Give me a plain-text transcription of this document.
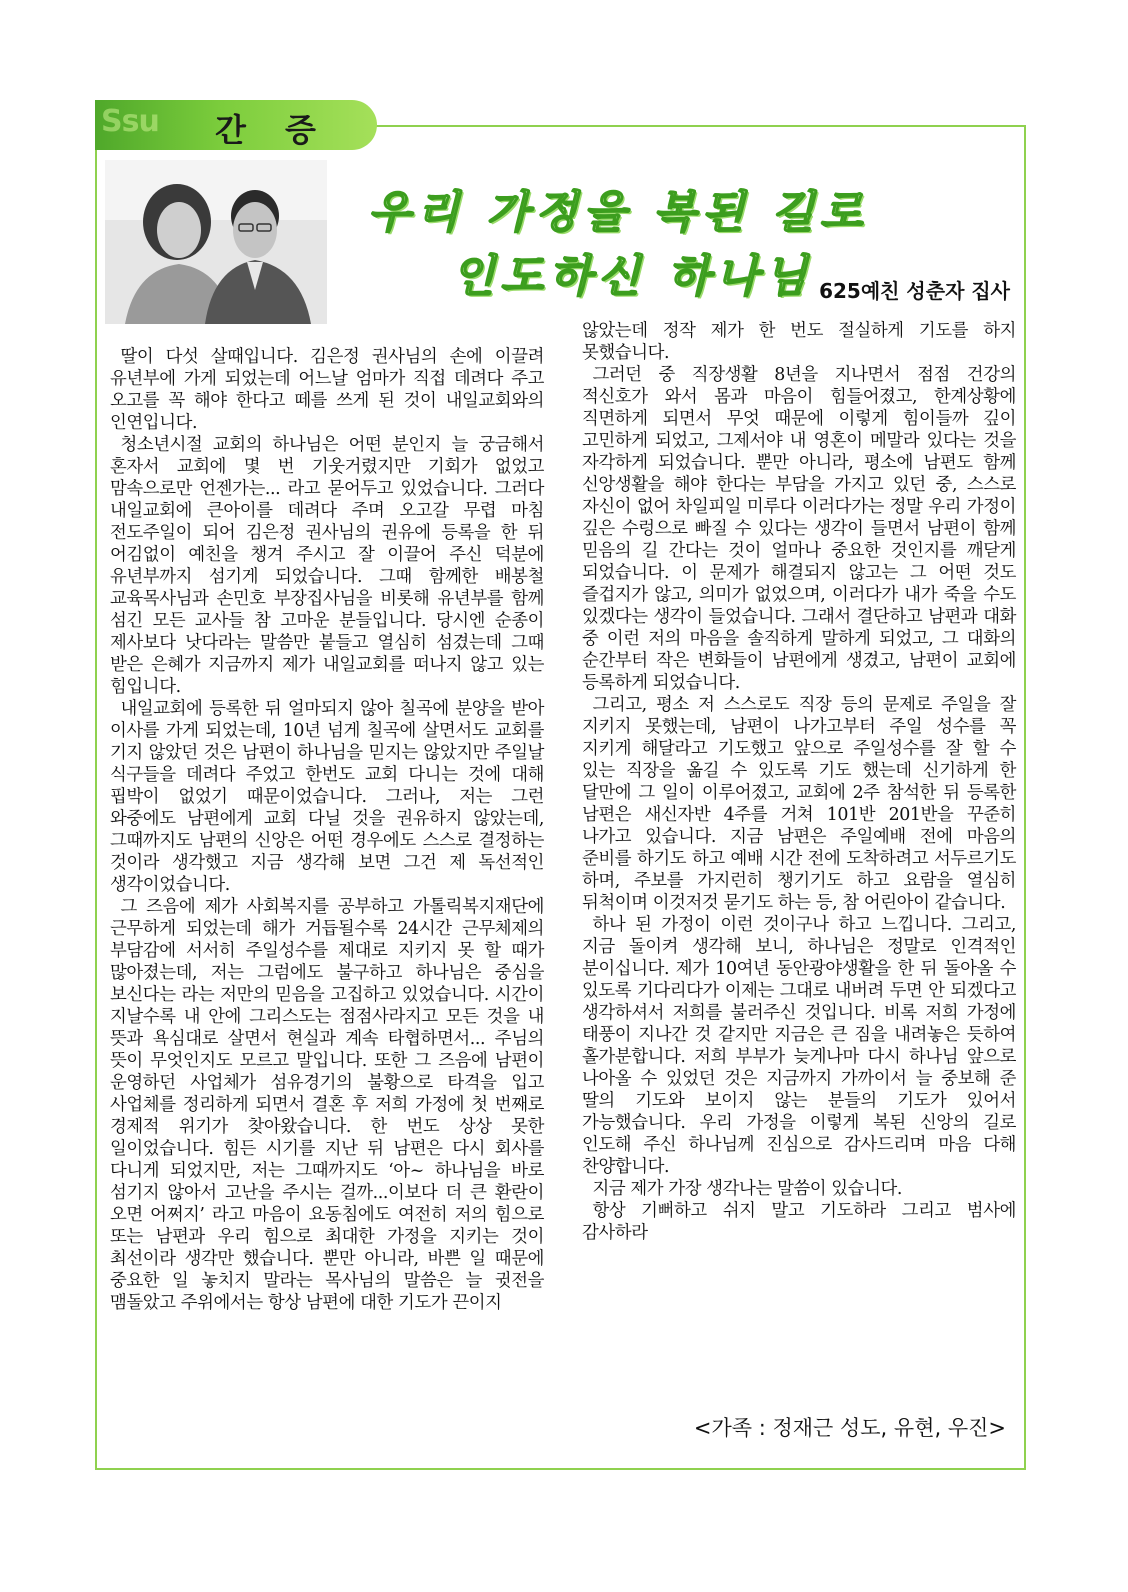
Ssu 간 증
우리 가정을 복된 길로
인도하신 하나님 625예친 성춘자 집사

딸이 다섯 살때입니다. 김은정 권사님의 손에 이끌려 유년부에 가게 되었는데 어느날 엄마가 직접 데려다 주고 오고를 꼭 해야 한다고 떼를 쓰게 된 것이 내일교회와의 인연입니다.

청소년시절 교회의 하나님은 어떤 분인지 늘 궁금해서 혼자서 교회에 몇 번 기웃거렸지만 기회가 없었고 맘속으로만 언젠가는... 라고 묻어두고 있었습니다. 그러다 내일교회에 큰아이를 데려다 주며 오고갈 무렵 마침 전도주일이 되어 김은정 권사님의 권유에 등록을 한 뒤 어김없이 예친을 챙겨 주시고 잘 이끌어 주신 덕분에 유년부까지 섬기게 되었습니다. 그때 함께한 배봉철 교육목사님과 손민호 부장집사님을 비롯해 유년부를 함께 섬긴 모든 교사들 참 고마운 분들입니다. 당시엔 순종이 제사보다 낫다라는 말씀만 붙들고 열심히 섬겼는데 그때 받은 은혜가 지금까지 제가 내일교회를 떠나지 않고 있는 힘입니다.

내일교회에 등록한 뒤 얼마되지 않아 칠곡에 분양을 받아 이사를 가게 되었는데, 10년 넘게 칠곡에 살면서도 교회를 기지 않았던 것은 남편이 하나님을 믿지는 않았지만 주일날 식구들을 데려다 주었고 한번도 교회 다니는 것에 대해 핍박이 없었기 때문이었습니다. 그러나, 저는 그런 와중에도 남편에게 교회 다닐 것을 권유하지 않았는데, 그때까지도 남편의 신앙은 어떤 경우에도 스스로 결정하는 것이라 생각했고 지금 생각해 보면 그건 제 독선적인 생각이었습니다.

그 즈음에 제가 사회복지를 공부하고 가톨릭복지재단에 근무하게 되었는데 해가 거듭될수록 24시간 근무체제의 부담감에 서서히 주일성수를 제대로 지키지 못 할 때가 많아졌는데, 저는 그럼에도 불구하고 하나님은 중심을 보신다는 라는 저만의 믿음을 고집하고 있었습니다. 시간이 지날수록 내 안에 그리스도는 점점사라지고 모든 것을 내 뜻과 욕심대로 살면서 현실과 계속 타협하면서... 주님의 뜻이 무엇인지도 모르고 말입니다. 또한 그 즈음에 남편이 운영하던 사업체가 섬유경기의 불황으로 타격을 입고 사업체를 정리하게 되면서 결혼 후 저희 가정에 첫 번째로 경제적 위기가 찾아왔습니다. 한 번도 상상 못한 일이었습니다. 힘든 시기를 지난 뒤 남편은 다시 회사를 다니게 되었지만, 저는 그때까지도 ‘아~ 하나님을 바로 섬기지 않아서 고난을 주시는 걸까...이보다 더 큰 환란이 오면 어쩌지’ 라고 마음이 요동침에도 여전히 저의 힘으로 또는 남편과 우리 힘으로 최대한 가정을 지키는 것이 최선이라 생각만 했습니다. 뿐만 아니라, 바쁜 일 때문에 중요한 일 놓치지 말라는 목사님의 말씀은 늘 귓전을 맴돌았고 주위에서는 항상 남편에 대한 기도가 끈이지

않았는데 정작 제가 한 번도 절실하게 기도를 하지 못했습니다.

그러던 중 직장생활 8년을 지나면서 점점 건강의 적신호가 와서 몸과 마음이 힘들어졌고, 한계상황에 직면하게 되면서 무엇 때문에 이렇게 힘이들까 깊이 고민하게 되었고, 그제서야 내 영혼이 메말라 있다는 것을 자각하게 되었습니다. 뿐만 아니라, 평소에 남편도 함께 신앙생활을 해야 한다는 부담을 가지고 있던 중, 스스로 자신이 없어 차일피일 미루다 이러다가는 정말 우리 가정이 깊은 수렁으로 빠질 수 있다는 생각이 들면서 남편이 함께 믿음의 길 간다는 것이 얼마나 중요한 것인지를 깨닫게 되었습니다. 이 문제가 해결되지 않고는 그 어떤 것도 즐겁지가 않고, 의미가 없었으며, 이러다가 내가 죽을 수도 있겠다는 생각이 들었습니다. 그래서 결단하고 남편과 대화 중 이런 저의 마음을 솔직하게 말하게 되었고, 그 대화의 순간부터 작은 변화들이 남편에게 생겼고, 남편이 교회에 등록하게 되었습니다.

그리고, 평소 저 스스로도 직장 등의 문제로 주일을 잘 지키지 못했는데, 남편이 나가고부터 주일 성수를 꼭 지키게 해달라고 기도했고 앞으로 주일성수를 잘 할 수 있는 직장을 옮길 수 있도록 기도 했는데 신기하게 한 달만에 그 일이 이루어졌고, 교회에 2주 참석한 뒤 등록한 남편은 새신자반 4주를 거쳐 101반 201반을 꾸준히 나가고 있습니다. 지금 남편은 주일예배 전에 마음의 준비를 하기도 하고 예배 시간 전에 도착하려고 서두르기도 하며, 주보를 가지런히 챙기기도 하고 요람을 열심히 뒤척이며 이것저것 묻기도 하는 등, 참 어린아이 같습니다.

하나 된 가정이 이런 것이구나 하고 느낍니다. 그리고, 지금 돌이켜 생각해 보니, 하나님은 정말로 인격적인 분이십니다. 제가 10여년 동안광야생활을 한 뒤 돌아올 수 있도록 기다리다가 이제는 그대로 내버려 두면 안 되겠다고 생각하셔서 저희를 불러주신 것입니다. 비록 저희 가정에 태풍이 지나간 것 같지만 지금은 큰 짐을 내려놓은 듯하여 홀가분합니다. 저희 부부가 늦게나마 다시 하나님 앞으로 나아올 수 있었던 것은 지금까지 가까이서 늘 중보해 준 딸의 기도와 보이지 않는 분들의 기도가 있어서 가능했습니다. 우리 가정을 이렇게 복된 신앙의 길로 인도해 주신 하나님께 진심으로 감사드리며 마음 다해 찬양합니다.

지금 제가 가장 생각나는 말씀이 있습니다.

항상 기뻐하고 쉬지 말고 기도하라 그리고 범사에 감사하라

<가족 : 정재근 성도, 유현, 우진>
